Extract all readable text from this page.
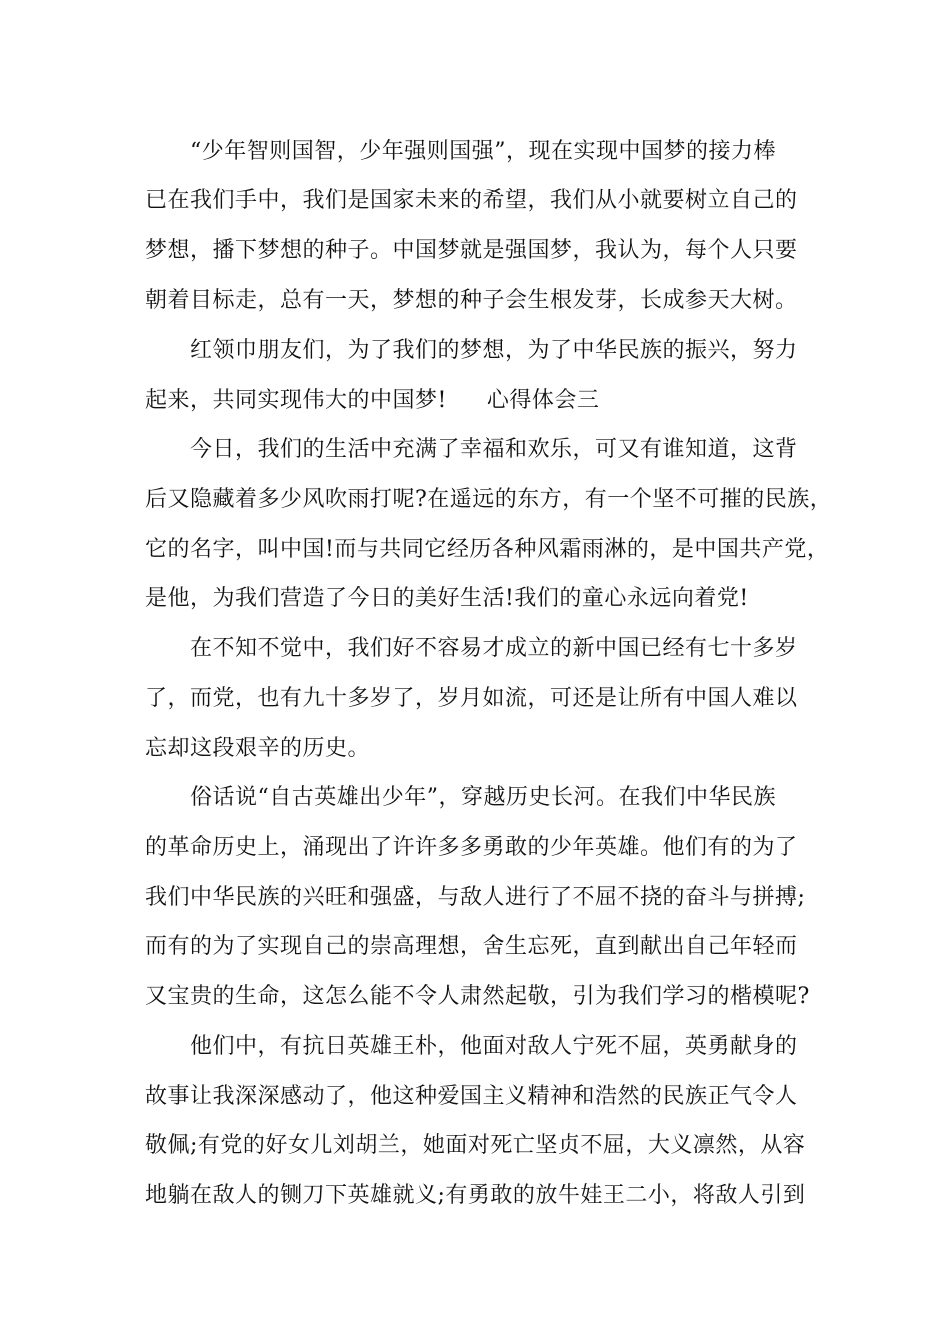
“少年智则国智，少年强则国强”，现在实现中国梦的接力棒
已在我们手中，我们是国家未来的希望，我们从小就要树立自己的
梦想，播下梦想的种子。中国梦就是强国梦，我认为，每个人只要
朝着目标走，总有一天，梦想的种子会生根发芽，长成参天大树。
红领巾朋友们，为了我们的梦想，为了中华民族的振兴，努力
起来，共同实现伟大的中国梦! 心得体会三
今日，我们的生活中充满了幸福和欢乐，可又有谁知道，这背
后又隐藏着多少风吹雨打呢?在遥远的东方，有一个坚不可摧的民族，
它的名字，叫中国!而与共同它经历各种风霜雨淋的，是中国共产党，
是他，为我们营造了今日的美好生活!我们的童心永远向着党!
在不知不觉中，我们好不容易才成立的新中国已经有七十多岁
了，而党，也有九十多岁了，岁月如流，可还是让所有中国人难以
忘却这段艰辛的历史。
俗话说“自古英雄出少年”，穿越历史长河。在我们中华民族
的革命历史上，涌现出了许许多多勇敢的少年英雄。他们有的为了
我们中华民族的兴旺和强盛，与敌人进行了不屈不挠的奋斗与拼搏;
而有的为了实现自己的崇高理想，舍生忘死，直到献出自己年轻而
又宝贵的生命，这怎么能不令人肃然起敬，引为我们学习的楷模呢?
他们中，有抗日英雄王朴，他面对敌人宁死不屈，英勇献身的
故事让我深深感动了，他这种爱国主义精神和浩然的民族正气令人
敬佩;有党的好女儿刘胡兰，她面对死亡坚贞不屈，大义凛然，从容
地躺在敌人的铡刀下英雄就义;有勇敢的放牛娃王二小，将敌人引到
